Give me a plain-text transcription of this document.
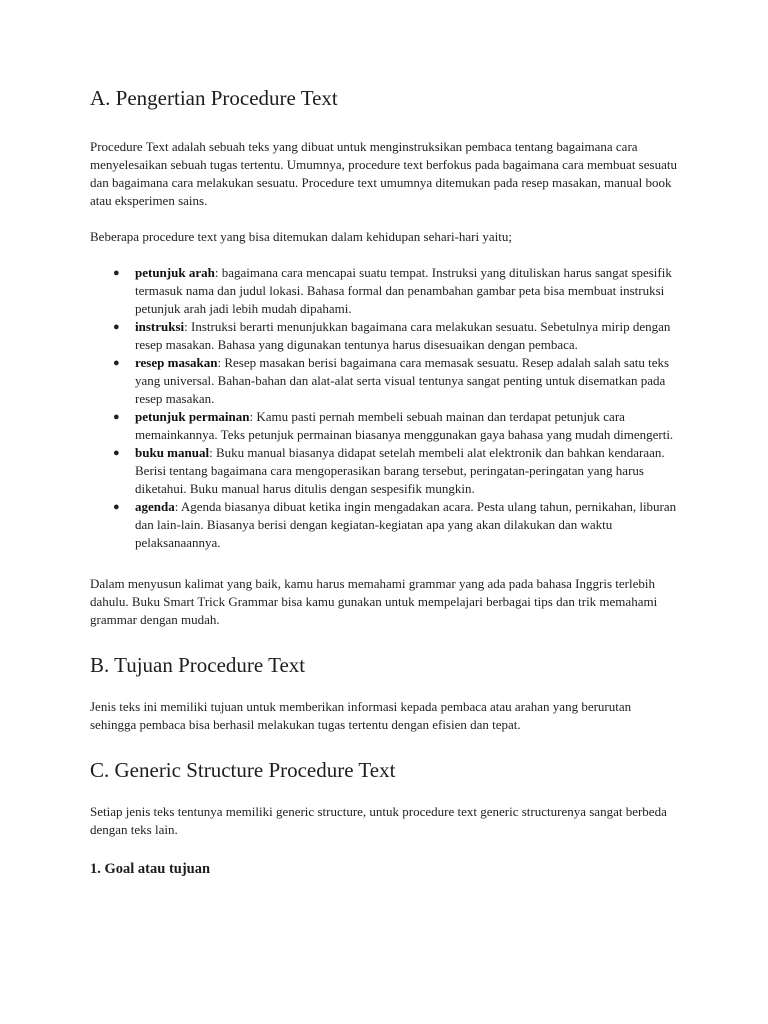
A. Pengertian Procedure Text

Procedure Text adalah sebuah teks yang dibuat untuk menginstruksikan pembaca tentang bagaimana cara menyelesaikan sebuah tugas tertentu. Umumnya, procedure text berfokus pada bagaimana cara membuat sesuatu dan bagaimana cara melakukan sesuatu. Procedure text umumnya ditemukan pada resep masakan, manual book atau eksperimen sains.

Beberapa procedure text yang bisa ditemukan dalam kehidupan sehari-hari yaitu;

● petunjuk arah: bagaimana cara mencapai suatu tempat. Instruksi yang dituliskan harus sangat spesifik termasuk nama dan judul lokasi. Bahasa formal dan penambahan gambar peta bisa membuat instruksi petunjuk arah jadi lebih mudah dipahami.
● instruksi: Instruksi berarti menunjukkan bagaimana cara melakukan sesuatu. Sebetulnya mirip dengan resep masakan. Bahasa yang digunakan tentunya harus disesuaikan dengan pembaca.
● resep masakan: Resep masakan berisi bagaimana cara memasak sesuatu. Resep adalah salah satu teks yang universal. Bahan-bahan dan alat-alat serta visual tentunya sangat penting untuk disematkan pada resep masakan.
● petunjuk permainan: Kamu pasti pernah membeli sebuah mainan dan terdapat petunjuk cara memainkannya. Teks petunjuk permainan biasanya menggunakan gaya bahasa yang mudah dimengerti.
● buku manual: Buku manual biasanya didapat setelah membeli alat elektronik dan bahkan kendaraan. Berisi tentang bagaimana cara mengoperasikan barang tersebut, peringatan-peringatan yang harus diketahui. Buku manual harus ditulis dengan sespesifik mungkin.
● agenda: Agenda biasanya dibuat ketika ingin mengadakan acara. Pesta ulang tahun, pernikahan, liburan dan lain-lain. Biasanya berisi dengan kegiatan-kegiatan apa yang akan dilakukan dan waktu pelaksanaannya.

Dalam menyusun kalimat yang baik, kamu harus memahami grammar yang ada pada bahasa Inggris terlebih dahulu. Buku Smart Trick Grammar bisa kamu gunakan untuk mempelajari berbagai tips dan trik memahami grammar dengan mudah.

B. Tujuan Procedure Text

Jenis teks ini memiliki tujuan untuk memberikan informasi kepada pembaca atau arahan yang berurutan sehingga pembaca bisa berhasil melakukan tugas tertentu dengan efisien dan tepat.

C. Generic Structure Procedure Text

Setiap jenis teks tentunya memiliki generic structure, untuk procedure text generic structurenya sangat berbeda dengan teks lain.

1. Goal atau tujuan
